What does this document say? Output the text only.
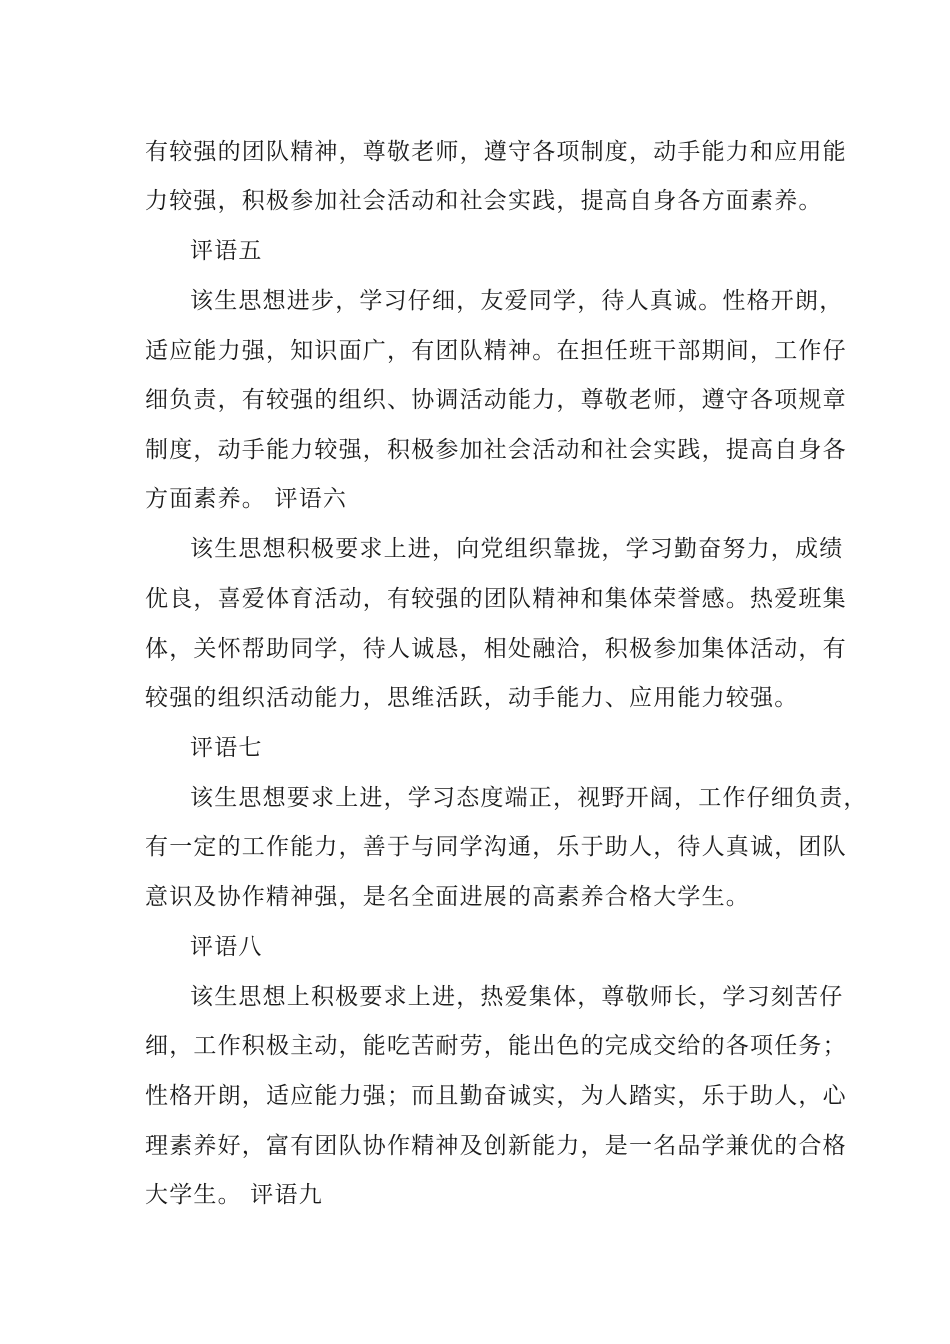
有较强的团队精神，尊敬老师，遵守各项制度，动手能力和应用能
力较强，积极参加社会活动和社会实践，提高自身各方面素养。
评语五
该生思想进步，学习仔细，友爱同学，待人真诚。性格开朗，
适应能力强，知识面广，有团队精神。在担任班干部期间，工作仔
细负责，有较强的组织、协调活动能力，尊敬老师，遵守各项规章
制度，动手能力较强，积极参加社会活动和社会实践，提高自身各
方面素养。 评语六
该生思想积极要求上进，向党组织靠拢，学习勤奋努力，成绩
优良，喜爱体育活动，有较强的团队精神和集体荣誉感。热爱班集
体，关怀帮助同学，待人诚恳，相处融洽，积极参加集体活动，有
较强的组织活动能力，思维活跃，动手能力、应用能力较强。
评语七
该生思想要求上进，学习态度端正，视野开阔，工作仔细负责，
有一定的工作能力，善于与同学沟通，乐于助人，待人真诚，团队
意识及协作精神强，是名全面进展的高素养合格大学生。
评语八
该生思想上积极要求上进，热爱集体，尊敬师长，学习刻苦仔
细，工作积极主动，能吃苦耐劳，能出色的完成交给的各项任务；
性格开朗，适应能力强；而且勤奋诚实，为人踏实，乐于助人，心
理素养好，富有团队协作精神及创新能力，是一名品学兼优的合格
大学生。 评语九
